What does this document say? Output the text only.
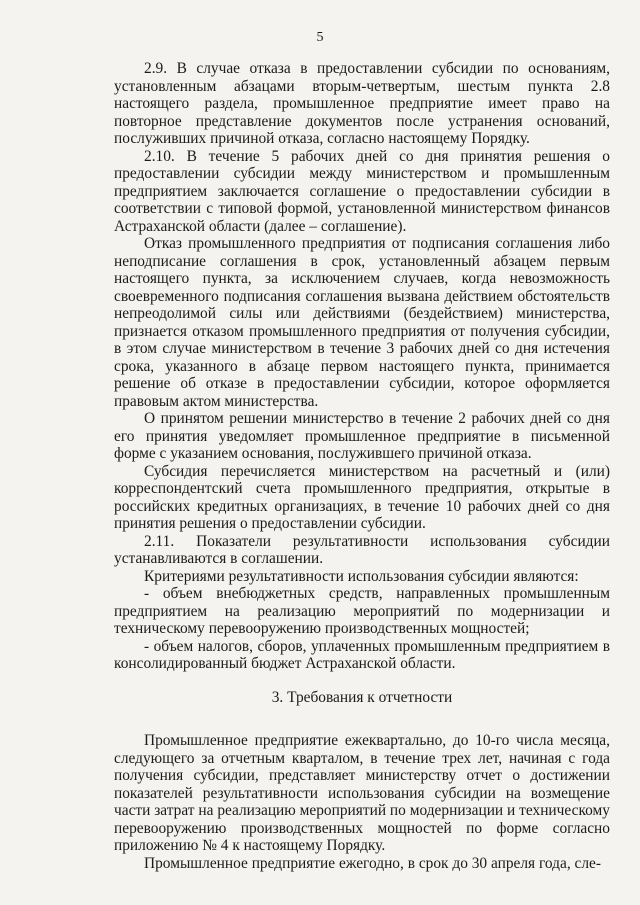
5

2.9. В случае отказа в предоставлении субсидии по основаниям, установленным абзацами вторым-четвертым, шестым пункта 2.8 настоящего раздела, промышленное предприятие имеет право на повторное представление документов после устранения оснований, послуживших причиной отказа, согласно настоящему Порядку.

2.10. В течение 5 рабочих дней со дня принятия решения о предоставлении субсидии между министерством и промышленным предприятием заключается соглашение о предоставлении субсидии в соответствии с типовой формой, установленной министерством финансов Астраханской области (далее – соглашение).

Отказ промышленного предприятия от подписания соглашения либо неподписание соглашения в срок, установленный абзацем первым настоящего пункта, за исключением случаев, когда невозможность своевременного подписания соглашения вызвана действием обстоятельств непреодолимой силы или действиями (бездействием) министерства, признается отказом промышленного предприятия от получения субсидии, в этом случае министерством в течение 3 рабочих дней со дня истечения срока, указанного в абзаце первом настоящего пункта, принимается решение об отказе в предоставлении субсидии, которое оформляется правовым актом министерства.

О принятом решении министерство в течение 2 рабочих дней со дня его принятия уведомляет промышленное предприятие в письменной форме с указанием основания, послужившего причиной отказа.

Субсидия перечисляется министерством на расчетный и (или) корреспондентский счета промышленного предприятия, открытые в российских кредитных организациях, в течение 10 рабочих дней со дня принятия решения о предоставлении субсидии.

2.11. Показатели результативности использования субсидии устанавливаются в соглашении.

Критериями результативности использования субсидии являются:

- объем внебюджетных средств, направленных промышленным предприятием на реализацию мероприятий по модернизации и техническому перевооружению производственных мощностей;

- объем налогов, сборов, уплаченных промышленным предприятием в консолидированный бюджет Астраханской области.

3. Требования к отчетности

Промышленное предприятие ежеквартально, до 10-го числа месяца, следующего за отчетным кварталом, в течение трех лет, начиная с года получения субсидии, представляет министерству отчет о достижении показателей результативности использования субсидии на возмещение части затрат на реализацию мероприятий по модернизации и техническому перевооружению производственных мощностей по форме согласно приложению № 4 к настоящему Порядку.

Промышленное предприятие ежегодно, в срок до 30 апреля года, сле-
